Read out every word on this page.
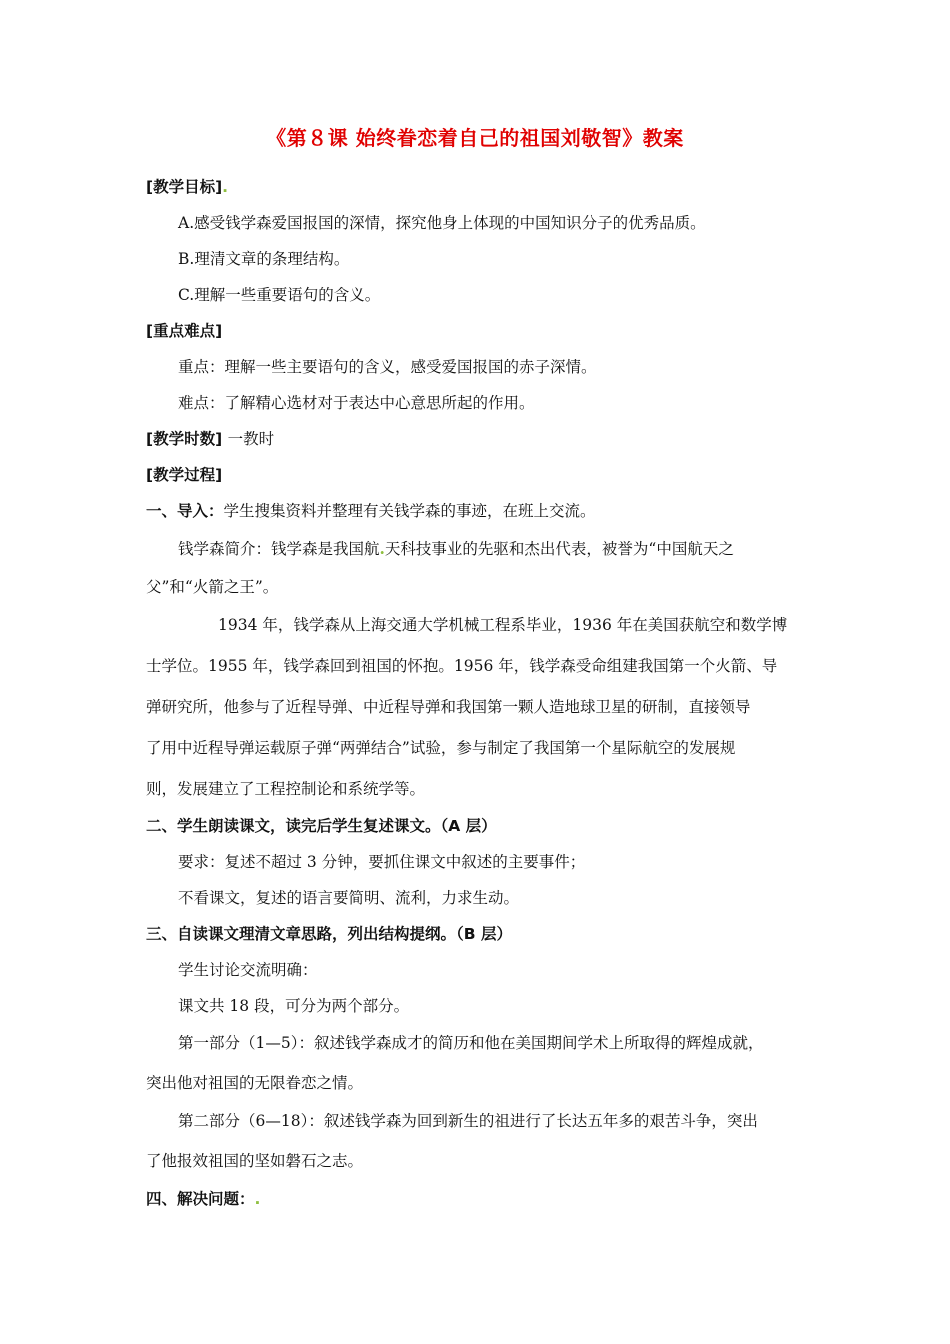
《第８课 始终眷恋着自己的祖国刘敬智》教案
[教学目标].
A.感受钱学森爱国报国的深情，探究他身上体现的中国知识分子的优秀品质。
B.理清文章的条理结构。
C.理解一些重要语句的含义。
[重点难点]
重点：理解一些主要语句的含义，感受爱国报国的赤子深情。
难点：了解精心选材对于表达中心意思所起的作用。
[教学时数] 一教时
[教学过程]
一、导入：学生搜集资料并整理有关钱学森的事迹，在班上交流。
钱学森简介：钱学森是我国航.天科技事业的先驱和杰出代表，被誉为“中国航天之
父”和“火箭之王”。
1934 年，钱学森从上海交通大学机械工程系毕业，1936 年在美国获航空和数学博
士学位。1955 年，钱学森回到祖国的怀抱。1956 年，钱学森受命组建我国第一个火箭、导
弹研究所，他参与了近程导弹、中近程导弹和我国第一颗人造地球卫星的研制，直接领导
了用中近程导弹运载原子弹“两弹结合”试验，参与制定了我国第一个星际航空的发展规
则，发展建立了工程控制论和系统学等。
二、学生朗读课文，读完后学生复述课文。（A 层）
要求：复述不超过 3 分钟，要抓住课文中叙述的主要事件；
不看课文，复述的语言要简明、流利，力求生动。
三、自读课文理清文章思路，列出结构提纲。（B 层）
学生讨论交流明确：
课文共 18 段，可分为两个部分。
第一部分（1—5）：叙述钱学森成才的简历和他在美国期间学术上所取得的辉煌成就，
突出他对祖国的无限眷恋之情。
第二部分（6—18）：叙述钱学森为回到新生的祖进行了长达五年多的艰苦斗争，突出
了他报效祖国的坚如磐石之志。
四、解决问题：.
